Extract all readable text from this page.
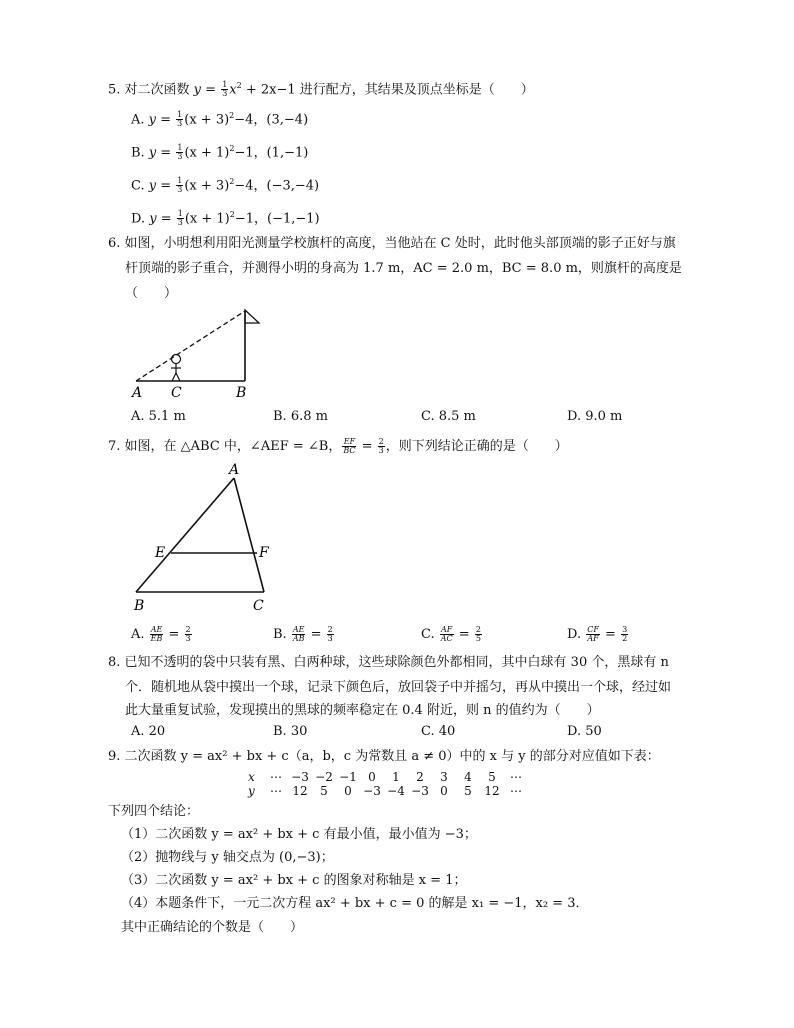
5. 对二次函数 $y = \frac{1}{3} x^2 + 2x-1$ 进行配方，其结果及顶点坐标是（　　）
A. $y = \frac{1}{3} (x + 3)^2-4$，(3,−4)
B. $y = \frac{1}{3} (x + 1)^2-1$，(1,−1)
C. $y = \frac{1}{3} (x + 3)^2-4$，(−3,−4)
D. $y = \frac{1}{3} (x + 1)^2-1$，(−1,−1)
6. 如图，小明想利用阳光测量学校旗杆的高度，当他站在 C 处时，此时他头部顶端的影子正好与旗
杆顶端的影子重合，并测得小明的身高为 1.7 m，AC = 2.0 m，BC = 8.0 m，则旗杆的高度是
（　　）
A C	B
A. 5.1 m	B. 6.8 m	C. 8.5 m	D. 9.0 m
7. 如图，在 △ABC 中，∠AEF = ∠B， $\frac{EF}{BC} = \frac{2}{3}$ ，则下列结论正确的是（　　）
A
E	F
B	C
A. $\frac{AE}{EB} = \frac{2}{3}$	B. $\frac{AE}{AB} = \frac{2}{3}$	C. $\frac{AF}{AC} = \frac{2}{5}$	D. $\frac{CF}{AF} = \frac{3}{2}$
8. 已知不透明的袋中只装有黑、白两种球，这些球除颜色外都相同，其中白球有 30 个，黑球有 n
个．随机地从袋中摸出一个球，记录下颜色后，放回袋子中并摇匀，再从中摸出一个球，经过如
此大量重复试验，发现摸出的黑球的频率稳定在 0.4 附近，则 n 的值约为（　　）
A. 20	B. 30	C. 40	D. 50
9. 二次函数 y = ax² + bx + c（a，b，c 为常数且 a ≠ 0）中的 x 与 y 的部分对应值如下表：
x	⋯ −3 −2 −1 0	1	2	3	4	5	⋯
y	⋯ 12	5	0 −3 −4 −3 0	5	12 ⋯
下列四个结论：
（1）二次函数 y = ax² + bx + c 有最小值，最小值为 −3；
（2）抛物线与 y 轴交点为 (0,−3)；
（3）二次函数 y = ax² + bx + c 的图象对称轴是 x = 1；
（4）本题条件下，一元二次方程 ax² + bx + c = 0 的解是 x₁ = −1，x₂ = 3．
其中正确结论的个数是（　　）
